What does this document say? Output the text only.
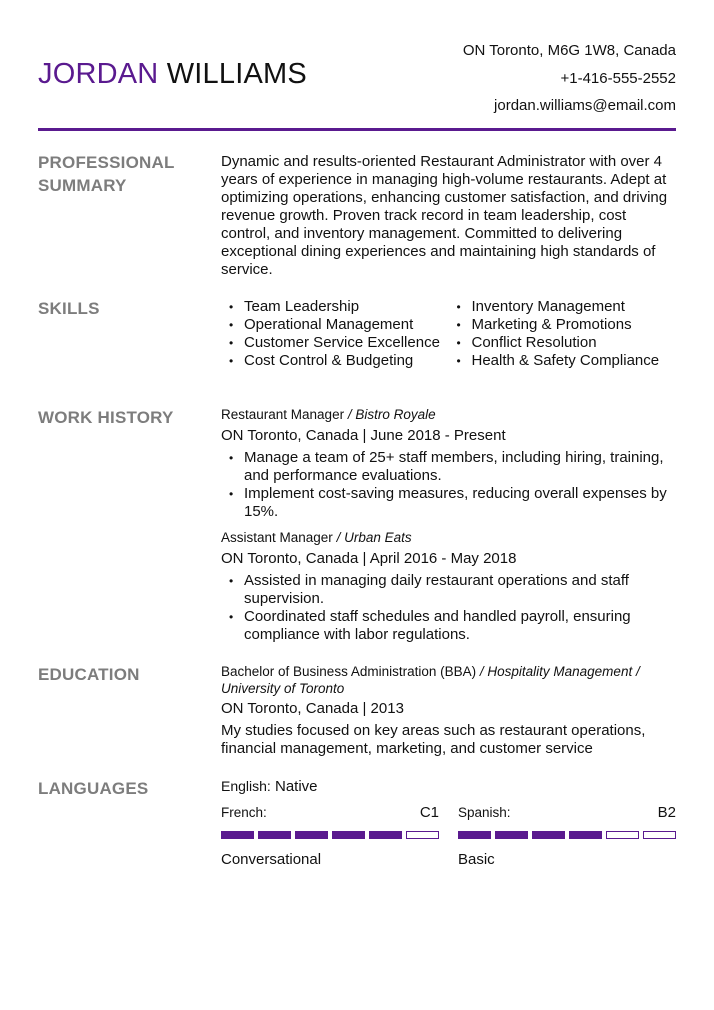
JORDAN WILLIAMS
ON Toronto, M6G 1W8, Canada
+1-416-555-2552
jordan.williams@email.com
PROFESSIONAL SUMMARY

Dynamic and results-oriented Restaurant Administrator with over 4 years of experience in managing high-volume restaurants. Adept at optimizing operations, enhancing customer satisfaction, and driving revenue growth. Proven track record in team leadership, cost control, and inventory management. Committed to delivering exceptional dining experiences and maintaining high standards of service.

SKILLS
•	Team Leadership
• Operational Management
• Customer Service Excellence
• Cost Control & Budgeting
• Inventory Management
• Marketing & Promotions
• Conflict Resolution
• Health & Safety Compliance
WORK HISTORY	Restaurant Manager / Bistro Royale
ON Toronto, Canada | June 2018 - Present
• Manage a team of 25+ staff members, including hiring, training, and performance evaluations.
• Implement cost-saving measures, reducing overall expenses by 15%.
Assistant Manager / Urban Eats
ON Toronto, Canada | April 2016 - May 2018
• Assisted in managing daily restaurant operations and staff supervision.
• Coordinated staff schedules and handled payroll, ensuring compliance with labor regulations.
EDUCATION	Bachelor of Business Administration (BBA) / Hospitality Management / University of Toronto
ON Toronto, Canada | 2013

My studies focused on key areas such as restaurant operations, financial management, marketing, and customer service

LANGUAGES	English: Native
French:	C1
Conversational
Spanish:	B2
Basic
